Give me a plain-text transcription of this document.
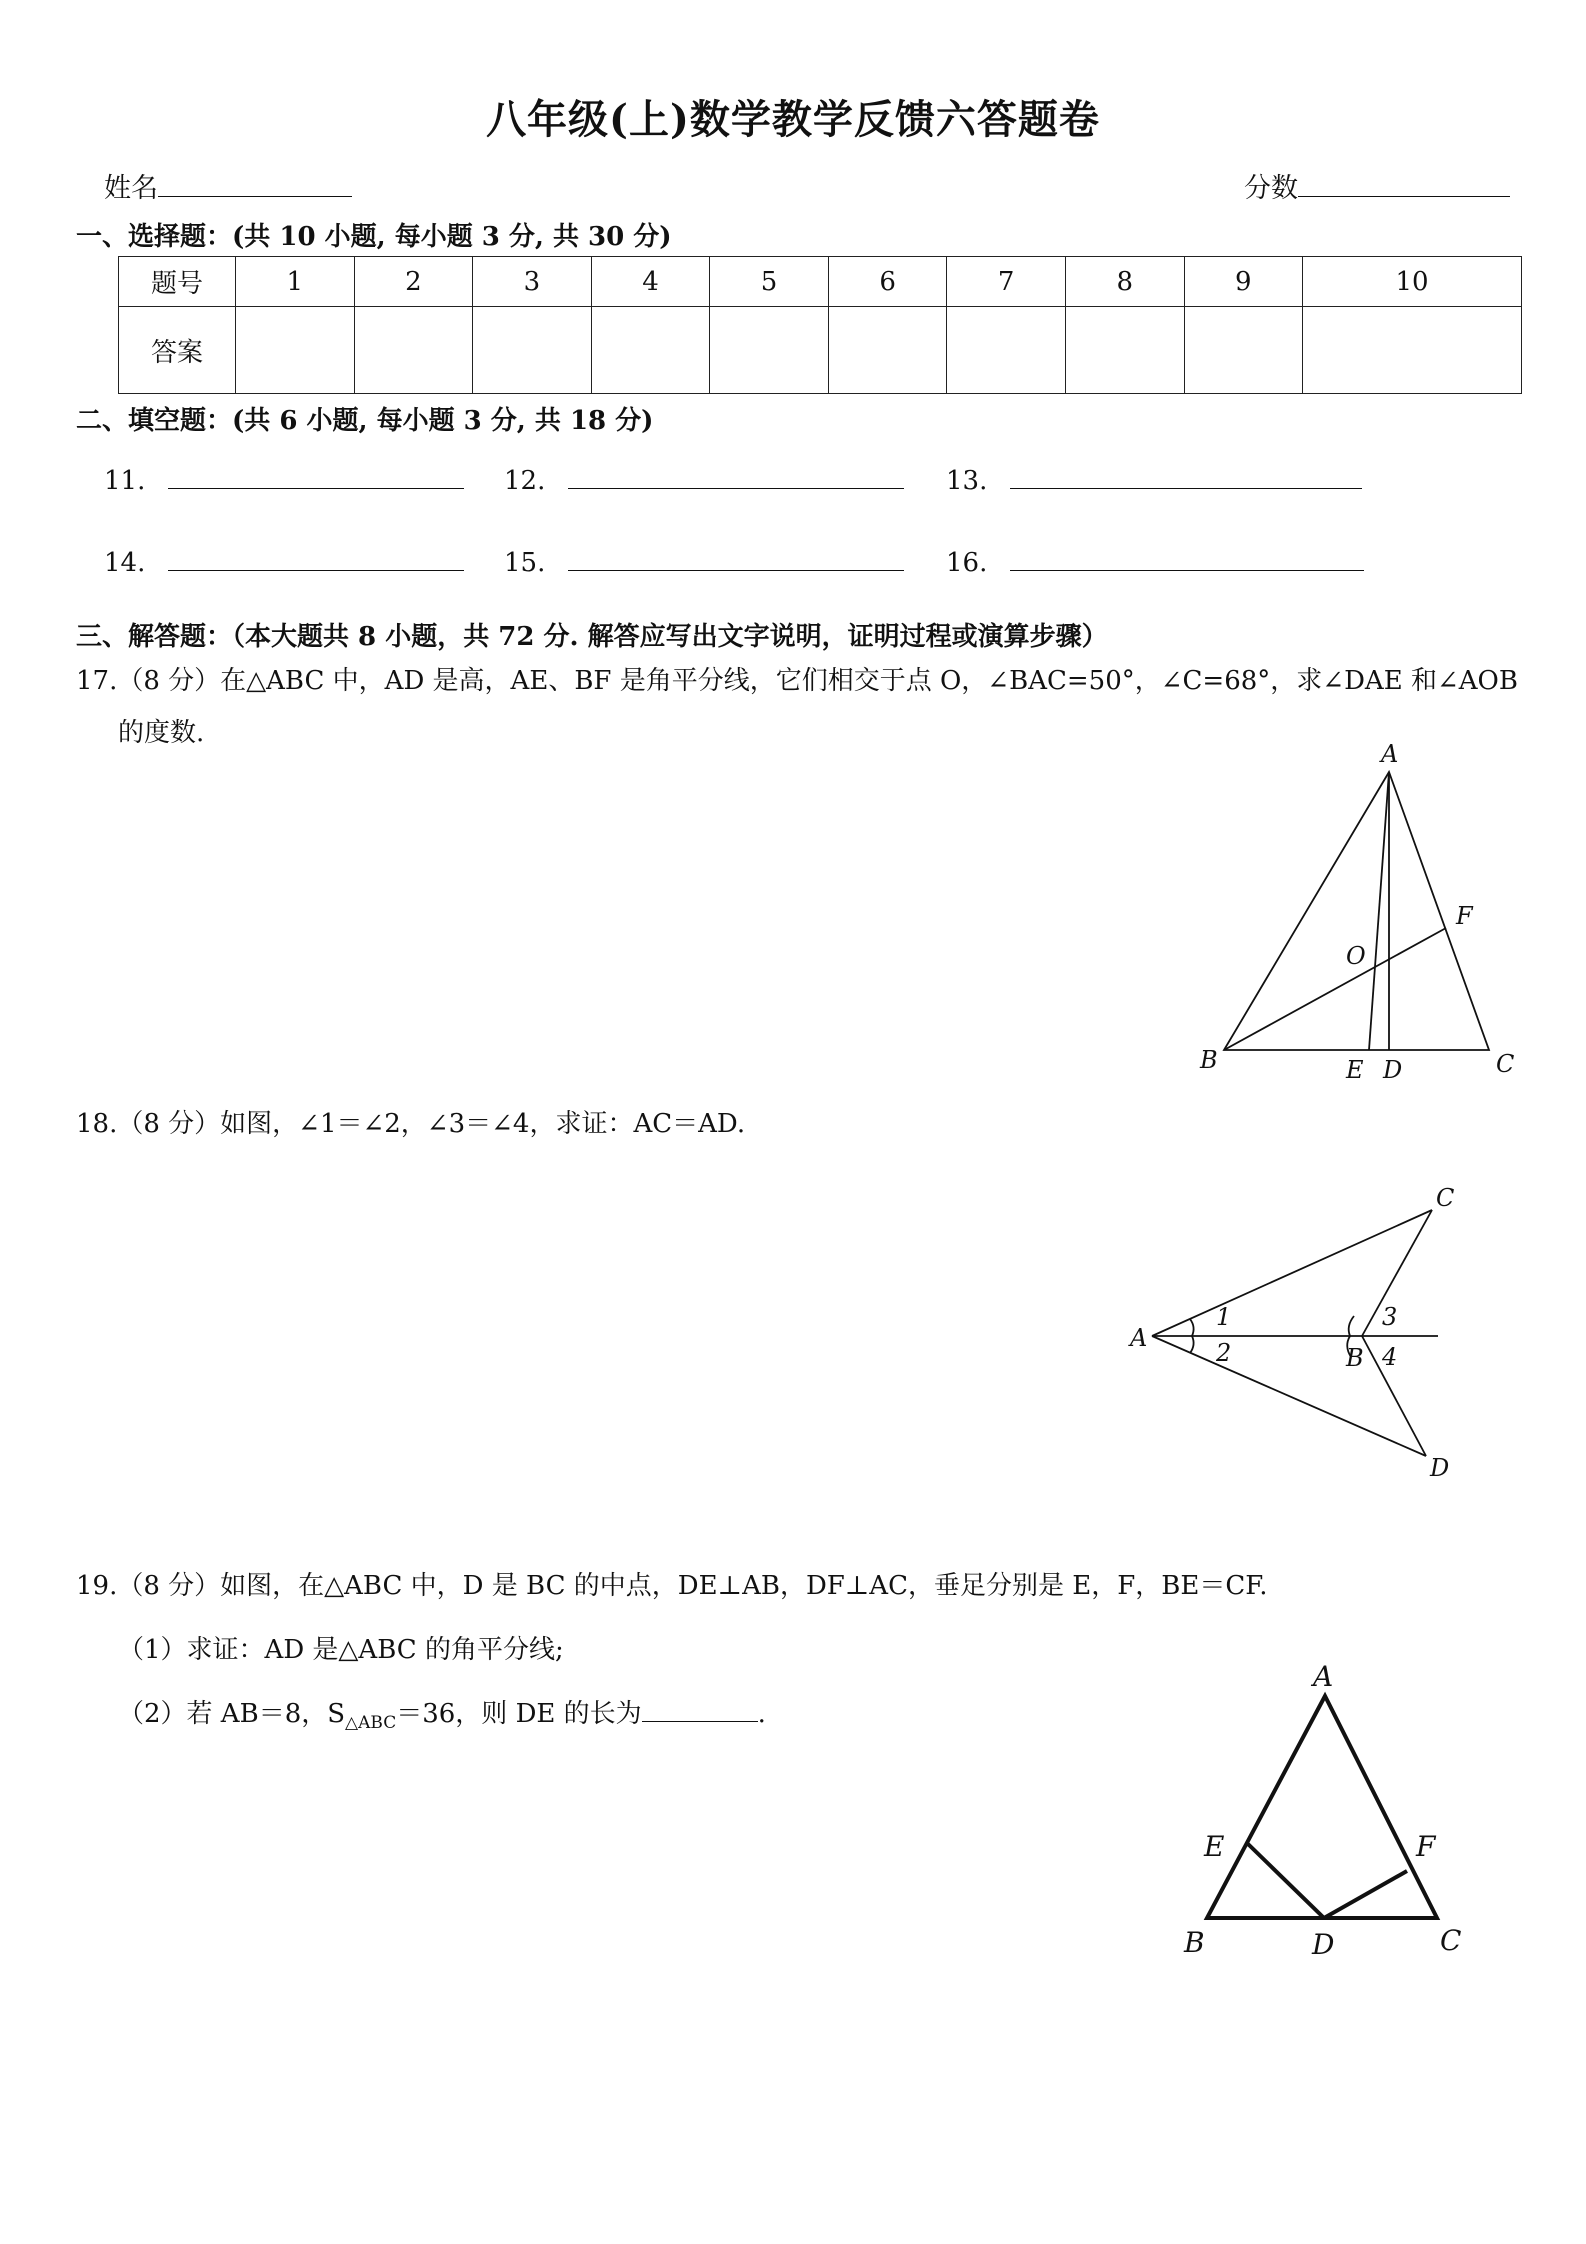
八年级(上)数学教学反馈六答题卷
姓名	分数
一、选择题：(共 10 小题, 每小题 3 分, 共 30 分)
题号	1	2	3	4	5	6	7	8	9	10
答案										
二、填空题：(共 6 小题, 每小题 3 分, 共 18 分)
11.	12.	13.
14.	15.	16.
三、解答题：（本大题共 8 小题，共 72 分. 解答应写出文字说明，证明过程或演算步骤）
17.（8 分）在△ABC 中，AD 是高，AE、BF 是角平分线，它们相交于点 O，∠BAC=50°，∠C=68°，求∠DAE 和∠AOB
的度数.
A
B	C
D
E
F
O
18.（8 分）如图，∠1＝∠2，∠3＝∠4，求证：AC＝AD.
A
B
C
D
1
2
3
4
19.（8 分）如图，在△ABC 中，D 是 BC 的中点，DE⊥AB，DF⊥AC，垂足分别是 E，F，BE＝CF.
（1）求证：AD 是△ABC 的角平分线;
（2）若 AB＝8，$S_{\triangle ABC}=36$，则 DE 的长为	.
A
B	C
D
E	F
